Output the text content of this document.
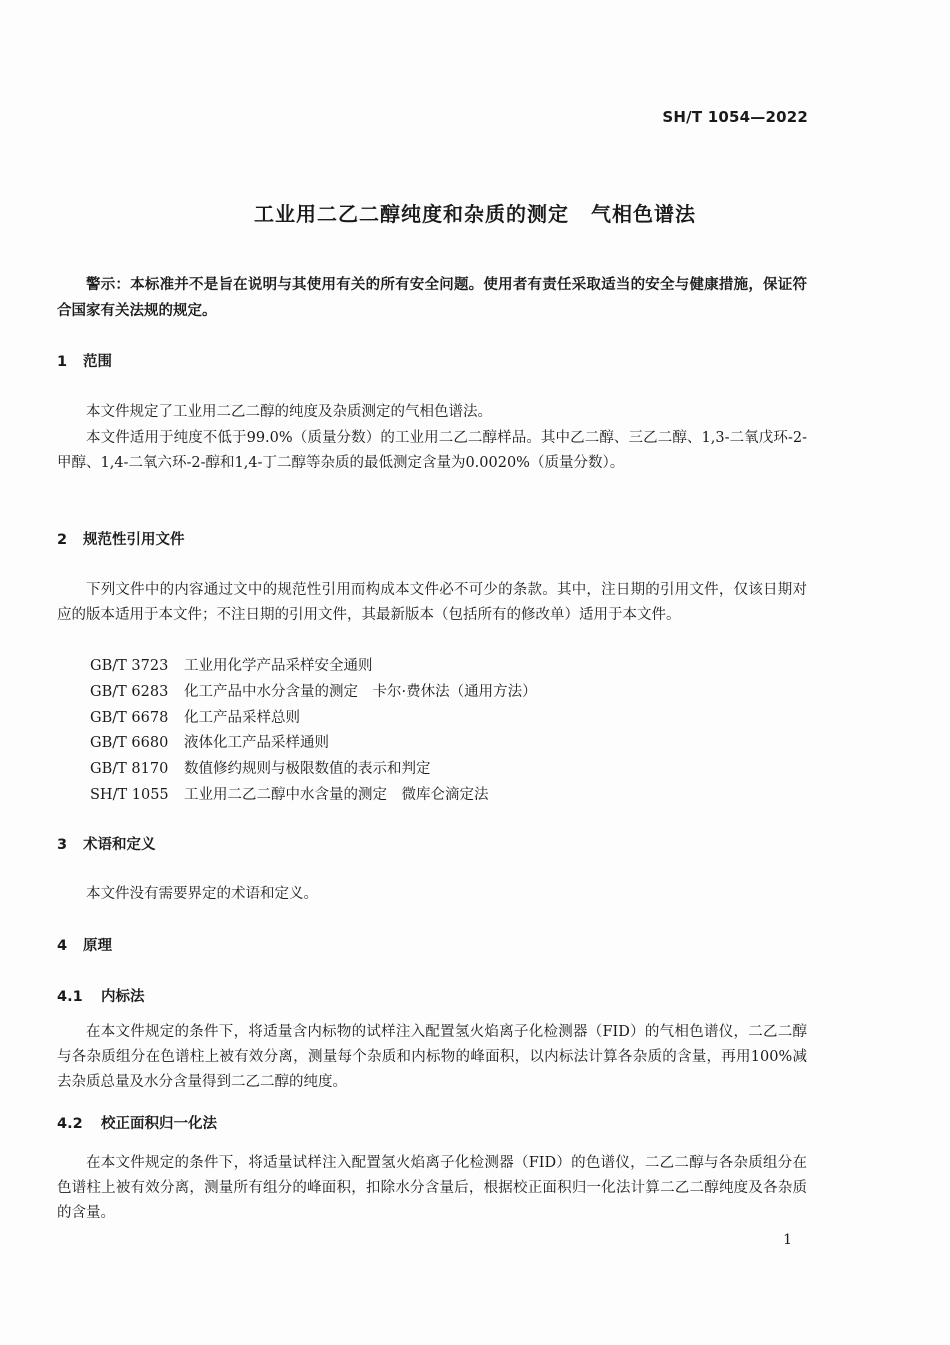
SH/T 1054—2022
工业用二乙二醇纯度和杂质的测定 气相色谱法

警示：本标准并不是旨在说明与其使用有关的所有安全问题。使用者有责任采取适当的安全与健康措施，保证符合国家有关法规的规定。

1 范围

本文件规定了工业用二乙二醇的纯度及杂质测定的气相色谱法。

本文件适用于纯度不低于99.0%（质量分数）的工业用二乙二醇样品。其中乙二醇、三乙二醇、1,3-二氧戊环-2-甲醇、1,4-二氧六环-2-醇和1,4-丁二醇等杂质的最低测定含量为0.0020%（质量分数）。

2 规范性引用文件

下列文件中的内容通过文中的规范性引用而构成本文件必不可少的条款。其中，注日期的引用文件，仅该日期对应的版本适用于本文件；不注日期的引用文件，其最新版本（包括所有的修改单）适用于本文件。

GB/T 3723	工业用化学产品采样安全通则
GB/T 6283	化工产品中水分含量的测定　卡尔·费休法（通用方法）
GB/T 6678	化工产品采样总则
GB/T 6680	液体化工产品采样通则
GB/T 8170	数值修约规则与极限数值的表示和判定
SH/T 1055	工业用二乙二醇中水含量的测定　微库仑滴定法
3 术语和定义

本文件没有需要界定的术语和定义。

4 原理
4.1 内标法

在本文件规定的条件下，将适量含内标物的试样注入配置氢火焰离子化检测器（FID）的气相色谱仪，二乙二醇与各杂质组分在色谱柱上被有效分离，测量每个杂质和内标物的峰面积，以内标法计算各杂质的含量，再用100%减去杂质总量及水分含量得到二乙二醇的纯度。

4.2 校正面积归一化法

在本文件规定的条件下，将适量试样注入配置氢火焰离子化检测器（FID）的色谱仪，二乙二醇与各杂质组分在色谱柱上被有效分离，测量所有组分的峰面积，扣除水分含量后，根据校正面积归一化法计算二乙二醇纯度及各杂质的含量。

1
